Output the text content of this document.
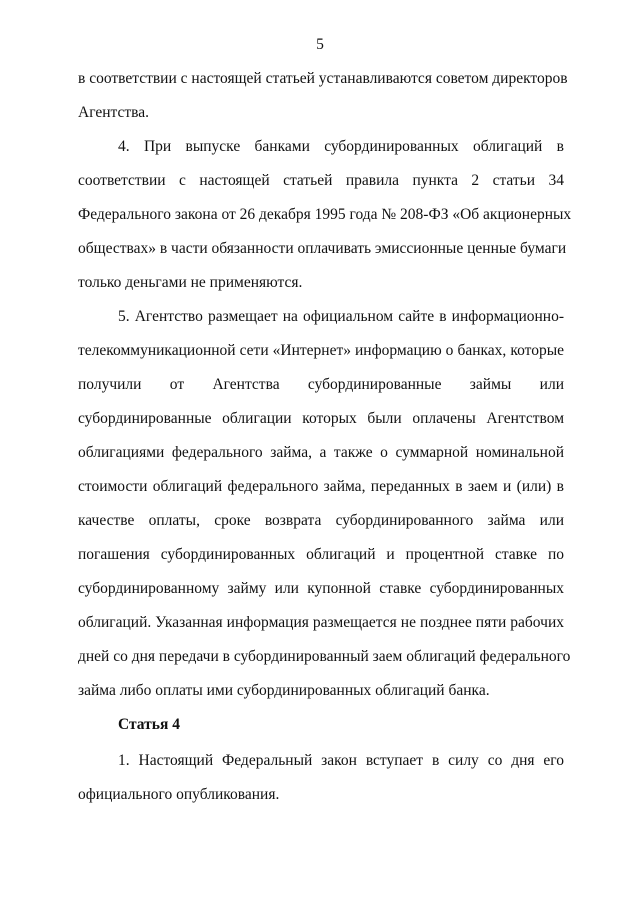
5
в соответствии с настоящей статьей устанавливаются советом директоров
Агентства.
4. При выпуске банками субординированных облигаций в
соответствии с настоящей статьей правила пункта 2 статьи 34
Федерального закона от 26 декабря 1995 года № 208-ФЗ «Об акционерных
обществах» в части обязанности оплачивать эмиссионные ценные бумаги
только деньгами не применяются.
5. Агентство размещает на официальном сайте в информационно-
телекоммуникационной сети «Интернет» информацию о банках, которые
получили от Агентства субординированные займы или
субординированные облигации которых были оплачены Агентством
облигациями федерального займа, а также о суммарной номинальной
стоимости облигаций федерального займа, переданных в заем и (или) в
качестве оплаты, сроке возврата субординированного займа или
погашения субординированных облигаций и процентной ставке по
субординированному займу или купонной ставке субординированных
облигаций. Указанная информация размещается не позднее пяти рабочих
дней со дня передачи в субординированный заем облигаций федерального
займа либо оплаты ими субординированных облигаций банка.
Статья 4
1. Настоящий Федеральный закон вступает в силу со дня его
официального опубликования.
